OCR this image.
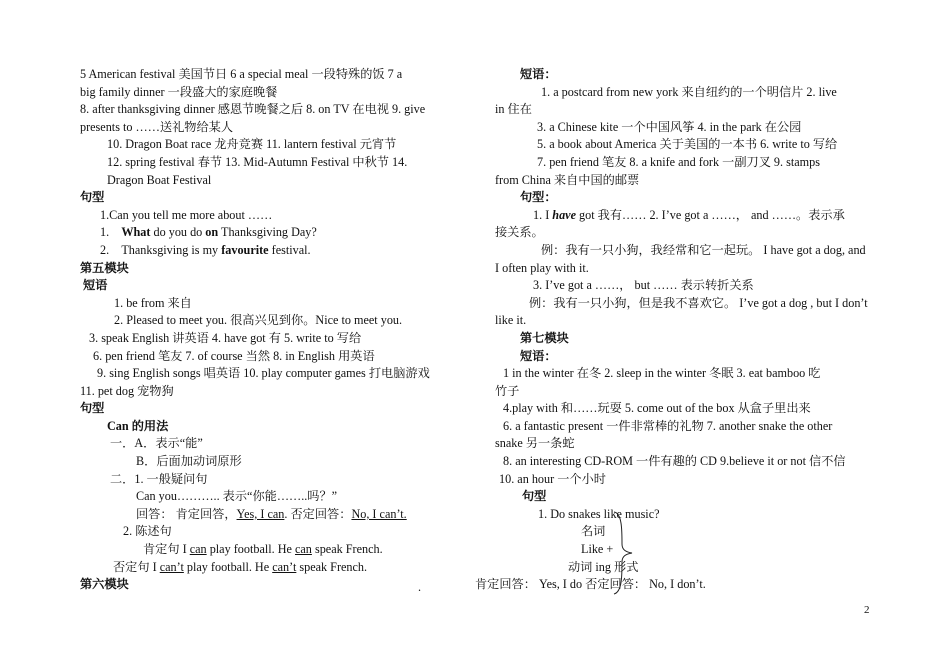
5 American festival 美国节日 6 a special meal 一段特殊的饭 7 a
big family dinner 一段盛大的家庭晚餐
8. after thanksgiving dinner 感恩节晚餐之后 8. on TV 在电视 9. give
presents to ……送礼物给某人
10. Dragon Boat race 龙舟竞赛 11. lantern festival 元宵节
12. spring festival 春节 13. Mid-Autumn Festival 中秋节 14.
Dragon Boat Festival
句型
1.Can you tell me more about ……
1. What do you do on Thanksgiving Day?
2. Thanksgiving is my favourite festival.
第五模块
短语
1. be from 来自
2. Pleased to meet you. 很高兴见到你。Nice to meet you.
3. speak English 讲英语 4. have got 有 5. write to 写给
6. pen friend 笔友 7. of course 当然 8. in English 用英语
9. sing English songs 唱英语 10. play computer games 打电脑游戏
11. pet dog 宠物狗
句型
Can 的用法
一．A．表示“能”
B．后面加动词原形
二．1. 一般疑问句
Can you……….. 表示“你能……..吗？”
回答： 肯定回答，Yes, I can. 否定回答：No, I can’t.
2. 陈述句
肯定句 I can play football. He can speak French.
否定句 I can’t play football. He can’t speak French.
第六模块	.
短语：
1. a postcard from new york 来自纽约的一个明信片 2. live
in 住在
3. a Chinese kite 一个中国风筝 4. in the park 在公园
5. a book about America 关于美国的一本书 6. write to 写给
7. pen friend 笔友 8. a knife and fork 一副刀叉 9. stamps
from China 来自中国的邮票
句型：
1. I have got 我有…… 2. I’ve got a ……， and ……。表示承
接关系。
例：我有一只小狗，我经常和它一起玩。 I have got a dog, and
I often play with it.
3. I’ve got a ……， but …… 表示转折关系
例：我有一只小狗，但是我不喜欢它。 I’ve got a dog , but I don’t
like it.
第七模块
短语：
1 in the winter 在冬 2. sleep in the winter 冬眠 3. eat bamboo 吃
竹子
4.play with 和……玩耍 5. come out of the box 从盒子里出来
6. a fantastic present 一件非常棒的礼物 7. another snake the other
snake 另一条蛇
8. an interesting CD-ROM 一件有趣的 CD 9.believe it or not 信不信
10. an hour 一个小时
句型
1. Do snakes like music?
名词
Like +
动词 ing 形式
肯定回答： Yes, I do 否定回答： No, I don’t.
2
